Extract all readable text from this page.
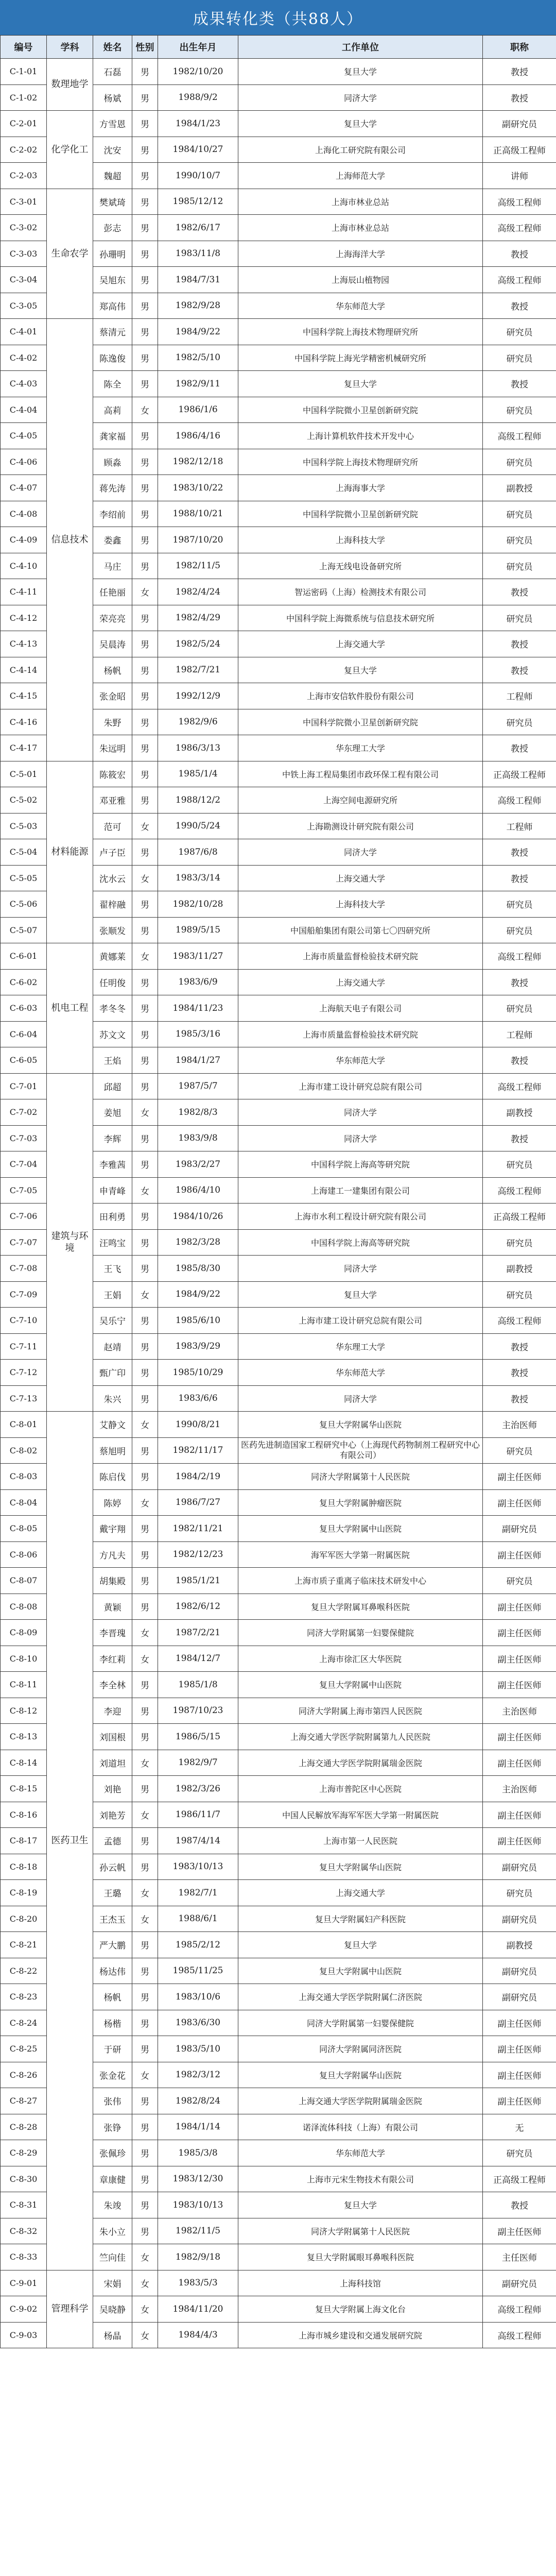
成果转化类（共88人）
编号	学科	姓名	性别	出生年月	工作单位	职称
C-1-01	数理地学	石磊	男	1982/10/20	复旦大学	教授
C-1-02		杨斌	男	1988/9/2	同济大学	教授
C-2-01	化学化工	方雪恩	男	1984/1/23	复旦大学	副研究员
C-2-02		沈安	男	1984/10/27	上海化工研究院有限公司	正高级工程师
C-2-03		魏超	男	1990/10/7	上海师范大学	讲师
C-3-01	生命农学	樊斌琦	男	1985/12/12	上海市林业总站	高级工程师
C-3-02		彭志	男	1982/6/17	上海市林业总站	高级工程师
C-3-03		孙珊明	男	1983/11/8	上海海洋大学	教授
C-3-04		吴旭东	男	1984/7/31	上海辰山植物园	高级工程师
C-3-05		郑高伟	男	1982/9/28	华东师范大学	教授
C-4-01	信息技术	蔡清元	男	1984/9/22	中国科学院上海技术物理研究所	研究员
C-4-02		陈逸俊	男	1982/5/10	中国科学院上海光学精密机械研究所	研究员
C-4-03		陈全	男	1982/9/11	复旦大学	教授
C-4-04		高莉	女	1986/1/6	中国科学院微小卫星创新研究院	研究员
C-4-05		龚家福	男	1986/4/16	上海计算机软件技术开发中心	高级工程师
C-4-06		顾淼	男	1982/12/18	中国科学院上海技术物理研究所	研究员
C-4-07		蒋先涛	男	1983/10/22	上海海事大学	副教授
C-4-08		李绍前	男	1988/10/21	中国科学院微小卫星创新研究院	研究员
C-4-09		娄鑫	男	1987/10/20	上海科技大学	研究员
C-4-10		马庄	男	1982/11/5	上海无线电设备研究所	研究员
C-4-11		任艳丽	女	1982/4/24	智运密码（上海）检测技术有限公司	教授
C-4-12		荣亮亮	男	1982/4/29	中国科学院上海微系统与信息技术研究所	研究员
C-4-13		吴晨涛	男	1982/5/24	上海交通大学	教授
C-4-14		杨帆	男	1982/7/21	复旦大学	教授
C-4-15		张金昭	男	1992/12/9	上海市安信软件股份有限公司	工程师
C-4-16		朱野	男	1982/9/6	中国科学院微小卫星创新研究院	研究员
C-4-17		朱远明	男	1986/3/13	华东理工大学	教授
C-5-01	材料能源	陈筱宏	男	1985/1/4	中铁上海工程局集团市政环保工程有限公司	正高级工程师
C-5-02		邓亚雅	男	1988/12/2	上海空间电源研究所	高级工程师
C-5-03		范可	女	1990/5/24	上海勘测设计研究院有限公司	工程师
C-5-04		卢子臣	男	1987/6/8	同济大学	教授
C-5-05		沈水云	女	1983/3/14	上海交通大学	教授
C-5-06		翟梓融	男	1982/10/28	上海科技大学	研究员
C-5-07		张顺发	男	1989/5/15	中国船舶集团有限公司第七〇四研究所	研究员
C-6-01	机电工程	黄娜莱	女	1983/11/27	上海市质量监督检验技术研究院	高级工程师
C-6-02		任明俊	男	1983/6/9	上海交通大学	教授
C-6-03		孝冬冬	男	1984/11/23	上海航天电子有限公司	研究员
C-6-04		苏文文	男	1985/3/16	上海市质量监督检验技术研究院	工程师
C-6-05		王焰	男	1984/1/27	华东师范大学	教授
C-7-01	建筑与环境	邱超	男	1987/5/7	上海市建工设计研究总院有限公司	高级工程师
C-7-02		姜旭	女	1982/8/3	同济大学	副教授
C-7-03		李辉	男	1983/9/8	同济大学	教授
C-7-04		李雅茜	男	1983/2/27	中国科学院上海高等研究院	研究员
C-7-05		申青峰	女	1986/4/10	上海建工一建集团有限公司	高级工程师
C-7-06		田利勇	男	1984/10/26	上海市水利工程设计研究院有限公司	正高级工程师
C-7-07		汪鸣宝	男	1982/3/28	中国科学院上海高等研究院	研究员
C-7-08		王飞	男	1985/8/30	同济大学	副教授
C-7-09		王娟	女	1984/9/22	复旦大学	研究员
C-7-10		吴乐宁	男	1985/6/10	上海市建工设计研究总院有限公司	高级工程师
C-7-11		赵靖	男	1983/9/29	华东理工大学	教授
C-7-12		甄广印	男	1985/10/29	华东师范大学	教授
C-7-13		朱兴	男	1983/6/6	同济大学	教授
C-8-01	医药卫生	艾静文	女	1990/8/21	复旦大学附属华山医院	主治医师
C-8-02		蔡旭明	男	1982/11/17	医药先进制造国家工程研究中心（上海现代药物制剂工程研究中心有限公司）	研究员
C-8-03		陈启伐	男	1984/2/19	同济大学附属第十人民医院	副主任医师
C-8-04		陈婷	女	1986/7/27	复旦大学附属肿瘤医院	副主任医师
C-8-05		戴宇翔	男	1982/11/21	复旦大学附属中山医院	副研究员
C-8-06		方凡夫	男	1982/12/23	海军军医大学第一附属医院	副主任医师
C-8-07		胡集殿	男	1985/1/21	上海市质子重离子临床技术研发中心	研究员
C-8-08		黄颖	男	1982/6/12	复旦大学附属耳鼻喉科医院	副主任医师
C-8-09		李晋瑰	女	1987/2/21	同济大学附属第一妇婴保健院	副主任医师
C-8-10		李红莉	女	1984/12/7	上海市徐汇区大华医院	副主任医师
C-8-11		李全林	男	1985/1/8	复旦大学附属中山医院	副主任医师
C-8-12		李迎	男	1987/10/23	同济大学附属上海市第四人民医院	主治医师
C-8-13		刘国根	男	1986/5/15	上海交通大学医学院附属第九人民医院	副主任医师
C-8-14		刘道坦	女	1982/9/7	上海交通大学医学院附属瑞金医院	副主任医师
C-8-15		刘艳	男	1982/3/26	上海市普陀区中心医院	主治医师
C-8-16		刘艳芳	女	1986/11/7	中国人民解放军海军军医大学第一附属医院	副主任医师
C-8-17		孟德	男	1987/4/14	上海市第一人民医院	副主任医师
C-8-18		孙云帆	男	1983/10/13	复旦大学附属华山医院	副研究员
C-8-19		王璐	女	1982/7/1	上海交通大学	研究员
C-8-20		王杰玉	女	1988/6/1	复旦大学附属妇产科医院	副研究员
C-8-21		严大鹏	男	1985/2/12	复旦大学	副教授
C-8-22		杨达伟	男	1985/11/25	复旦大学附属中山医院	副研究员
C-8-23		杨帆	男	1983/10/6	上海交通大学医学院附属仁济医院	副研究员
C-8-24		杨楷	男	1983/6/30	同济大学附属第一妇婴保健院	副主任医师
C-8-25		于研	男	1983/5/10	同济大学附属同济医院	副主任医师
C-8-26		张金花	女	1982/3/12	复旦大学附属华山医院	副主任医师
C-8-27		张伟	男	1982/8/24	上海交通大学医学院附属瑞金医院	副主任医师
C-8-28		张铮	男	1984/1/14	诺泽流体科技（上海）有限公司	无
C-8-29		张佩珍	男	1985/3/8	华东师范大学	研究员
C-8-30		章康健	男	1983/12/30	上海市元宋生物技术有限公司	正高级工程师
C-8-31		朱竣	男	1983/10/13	复旦大学	教授
C-8-32		朱小立	男	1982/11/5	同济大学附属第十人民医院	副主任医师
C-8-33		竺向佳	女	1982/9/18	复旦大学附属眼耳鼻喉科医院	主任医师
C-9-01	管理科学	宋娟	女	1983/5/3	上海科技馆	副研究员
C-9-02		吴晓静	女	1984/11/20	复旦大学附属上海文化台	高级工程师
C-9-03		杨晶	女	1984/4/3	上海市城乡建设和交通发展研究院	高级工程师
